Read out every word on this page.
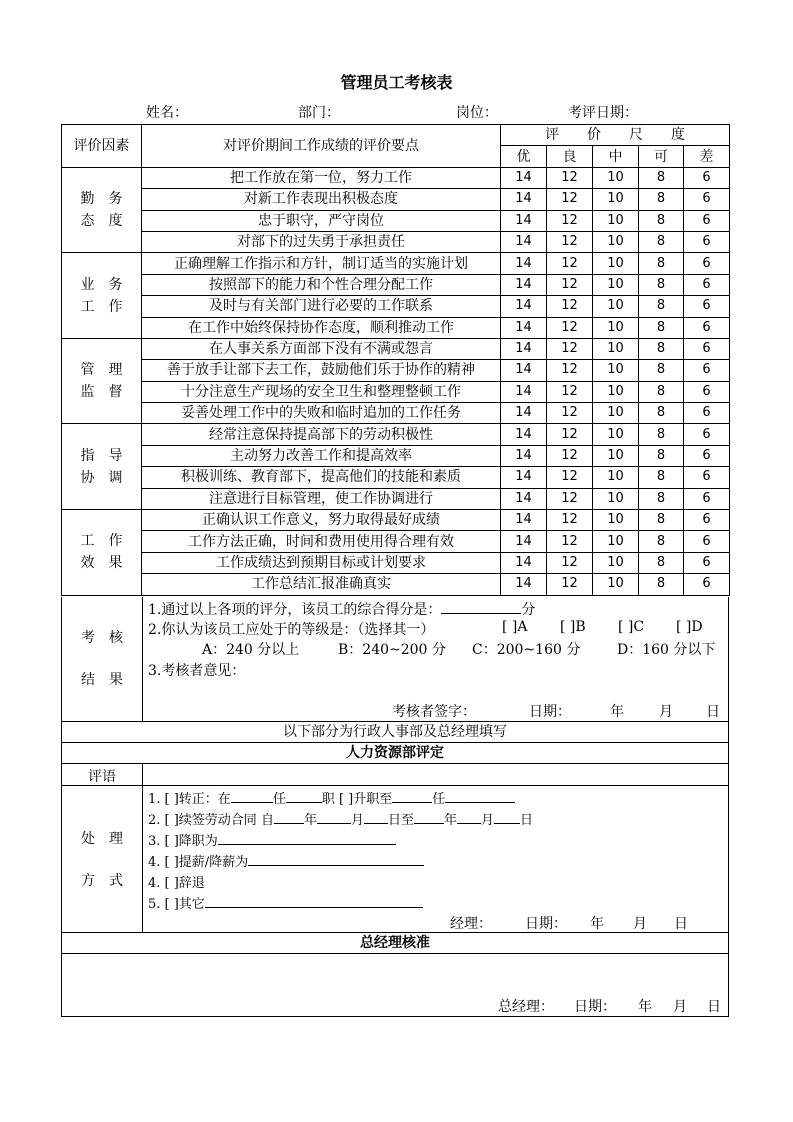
管理员工考核表
姓名：	部门：	岗位：	考评日期：
评价因素	对评价期间工作成绩的评价要点	评　　价　　尺　　度				
		优	良	中	可	差

勤　务
态　度	把工作放在第一位，努力工作	14	12	10	8	6
	对新工作表现出积极态度	14	12	10	8	6
	忠于职守，严守岗位	14	12	10	8	6
	对部下的过失勇于承担责任	14	12	10	8	6

业　务
工　作	正确理解工作指示和方针，制订适当的实施计划	14	12	10	8	6
	按照部下的能力和个性合理分配工作	14	12	10	8	6
	及时与有关部门进行必要的工作联系	14	12	10	8	6
	在工作中始终保持协作态度，顺利推动工作	14	12	10	8	6

管　理
监　督	在人事关系方面部下没有不满或怨言	14	12	10	8	6
	善于放手让部下去工作，鼓励他们乐于协作的精神	14	12	10	8	6
	十分注意生产现场的安全卫生和整理整顿工作	14	12	10	8	6
	妥善处理工作中的失败和临时追加的工作任务	14	12	10	8	6

指　导
协　调	经常注意保持提高部下的劳动积极性	14	12	10	8	6
	主动努力改善工作和提高效率	14	12	10	8	6
	积极训练、教育部下，提高他们的技能和素质	14	12	10	8	6
	注意进行目标管理，使工作协调进行	14	12	10	8	6

工　作
效　果	正确认识工作意义，努力取得最好成绩	14	12	10	8	6
	工作方法正确，时间和费用使用得合理有效	14	12	10	8	6
	工作成绩达到预期目标或计划要求	14	12	10	8	6
	工作总结汇报准确真实	14	12	10	8	6
考　核
结　果
1.通过以上各项的评分，该员工的综合得分是：	分
2.你认为该员工应处于的等级是：（选择其一）	[ ]A [ ]B [ ]C [ ]D
A：240 分以上	B：240~200 分 C：200~160 分	D：160 分以下
3.考核者意见：
考核者签字：	日期：	年	月 日
以下部分为行政人事部及总经理填写
人力资源部评定
评语
处　理
方　式
1. [ ]转正：在	任	职 [ ]升职至	任
2. [ ]续签劳动合同 自 年	月 日至 年 月 日
3. [ ]降职为
4. [ ]提薪/降薪为
4. [ ]辞退
5. [ ]其它
经理： 日期： 年 月 日
总经理核准
总经理： 日期： 年 月 日
